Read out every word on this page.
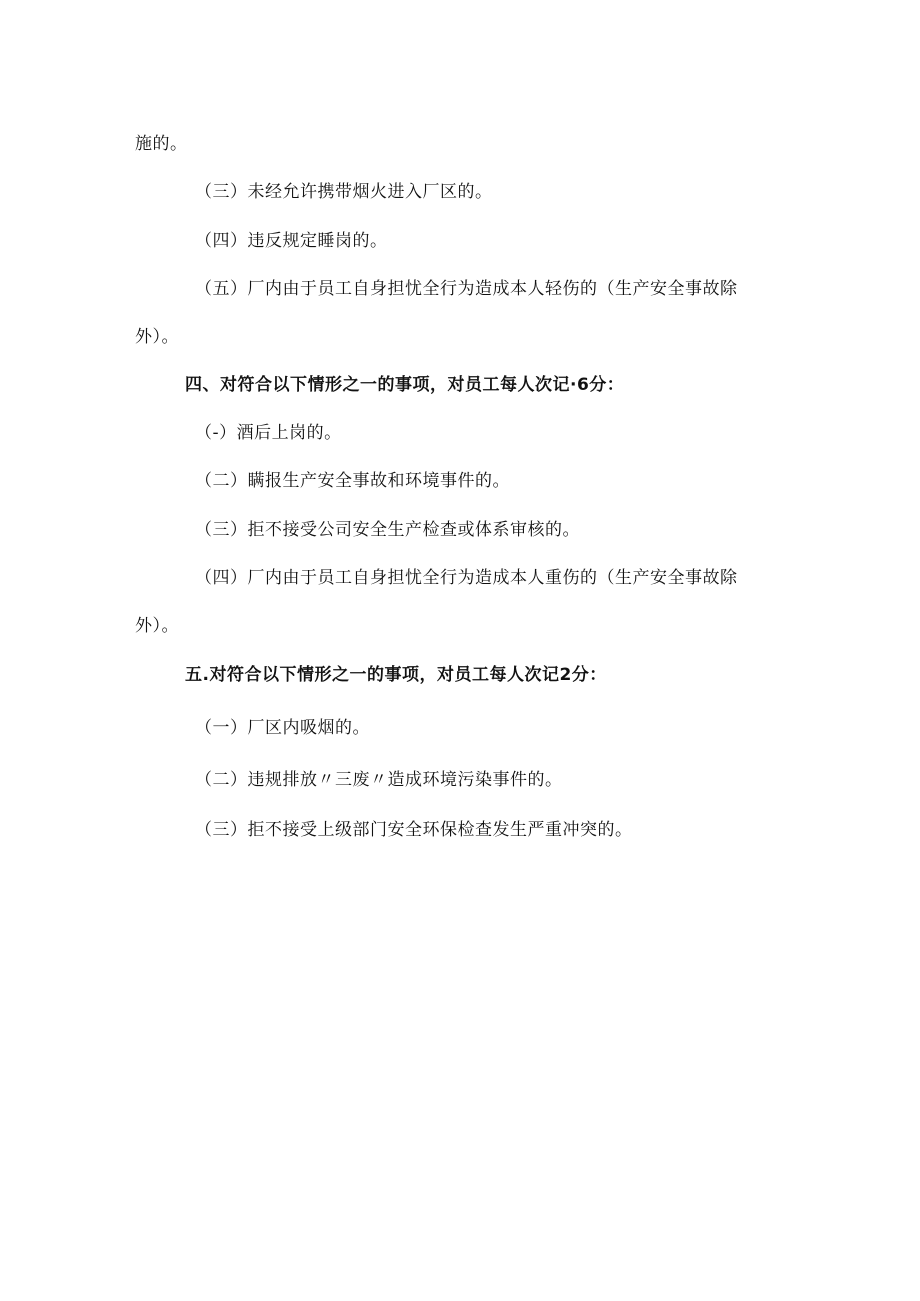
施的。
（三）未经允许携带烟火进入厂区的。
（四）违反规定睡岗的。
（五）厂内由于员工自身担忧全行为造成本人轻伤的（生产安全事故除
外）。
四、对符合以下情形之一的事项，对员工每人次记·6分：
（-）酒后上岗的。
（二）瞒报生产安全事故和环境事件的。
（三）拒不接受公司安全生产检查或体系审核的。
（四）厂内由于员工自身担忧全行为造成本人重伤的（生产安全事故除
外）。
五.对符合以下情形之一的事项，对员工每人次记2分：
（一）厂区内吸烟的。
（二）违规排放〃三废〃造成环境污染事件的。
（三）拒不接受上级部门安全环保检查发生严重冲突的。
